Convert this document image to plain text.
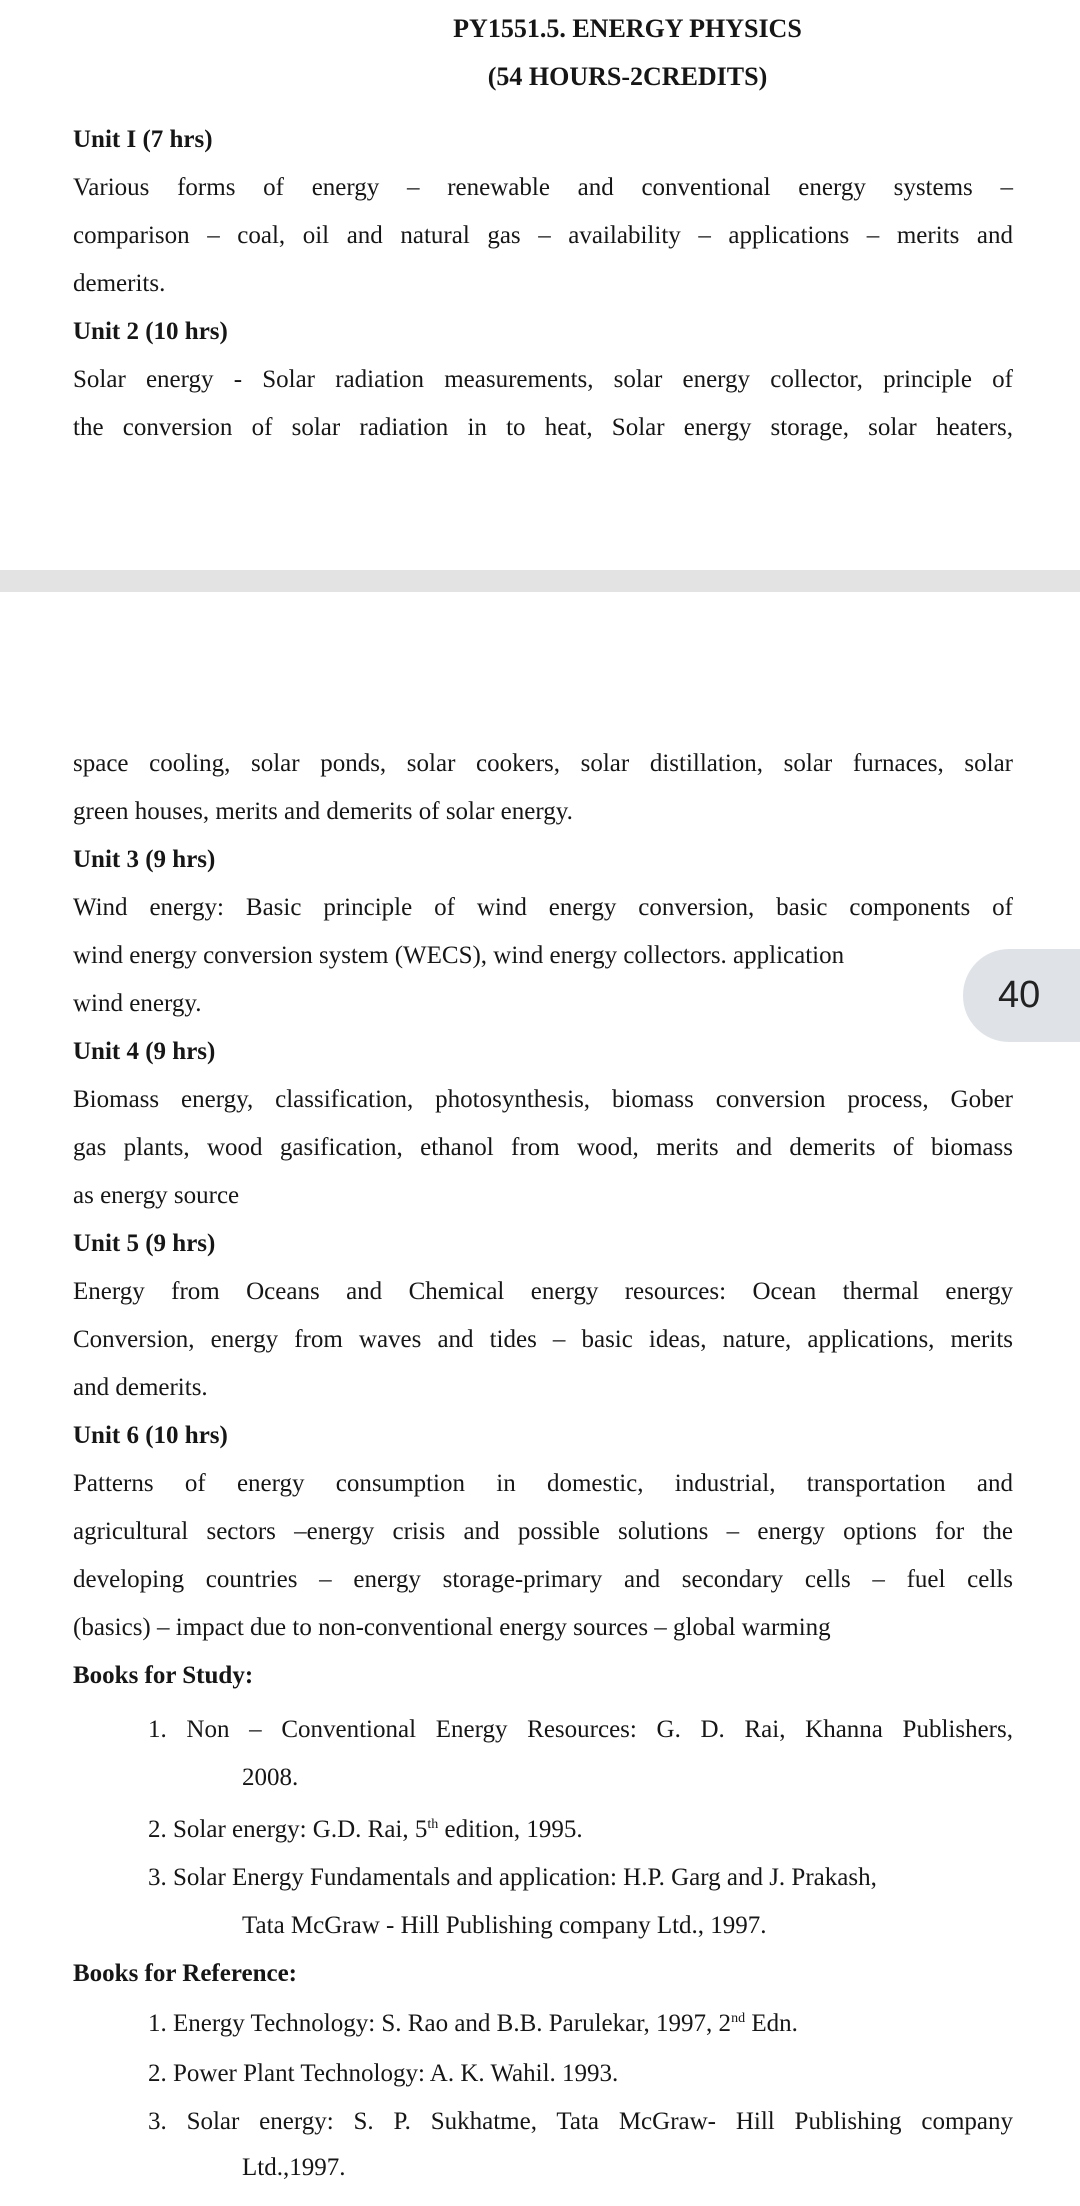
PY1551.5. ENERGY PHYSICS
(54 HOURS-2CREDITS)
Unit I (7 hrs)
Various forms of energy – renewable and conventional energy systems –
comparison – coal, oil and natural gas – availability – applications – merits and
demerits.
Unit 2 (10 hrs)
Solar energy - Solar radiation measurements, solar energy collector, principle of
the conversion of solar radiation in to heat, Solar energy storage, solar heaters,
space cooling, solar ponds, solar cookers, solar distillation, solar furnaces, solar
green houses, merits and demerits of solar energy.
Unit 3 (9 hrs)
Wind energy: Basic principle of wind energy conversion, basic components of
wind energy conversion system (WECS), wind energy collectors. application
wind energy.	40
Unit 4 (9 hrs)
Biomass energy, classification, photosynthesis, biomass conversion process, Gober
gas plants, wood gasification, ethanol from wood, merits and demerits of biomass
as energy source
Unit 5 (9 hrs)
Energy from Oceans and Chemical energy resources: Ocean thermal energy
Conversion, energy from waves and tides – basic ideas, nature, applications, merits
and demerits.
Unit 6 (10 hrs)
Patterns of energy consumption in domestic, industrial, transportation and
agricultural sectors –energy crisis and possible solutions – energy options for the
developing countries – energy storage-primary and secondary cells – fuel cells
(basics) – impact due to non-conventional energy sources – global warming
Books for Study:
1. Non – Conventional Energy Resources: G. D. Rai, Khanna Publishers,
2008.
2. Solar energy: G.D. Rai, 5th edition, 1995.
3. Solar Energy Fundamentals and application: H.P. Garg and J. Prakash,
Tata McGraw - Hill Publishing company Ltd., 1997.
Books for Reference:
1. Energy Technology: S. Rao and B.B. Parulekar, 1997, 2nd Edn.
2. Power Plant Technology: A. K. Wahil. 1993.
3. Solar energy: S. P. Sukhatme, Tata McGraw- Hill Publishing company
Ltd.,1997.
